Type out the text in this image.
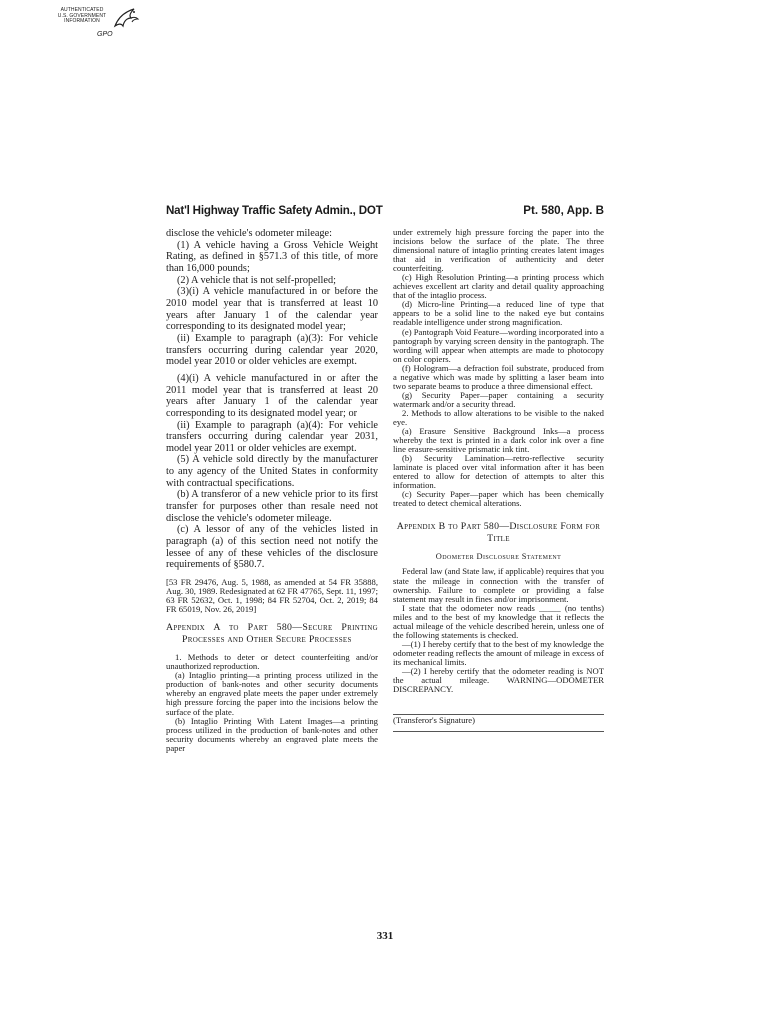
AUTHENTICATED
U.S. GOVERNMENT
INFORMATION
GPO
Nat'l Highway Traffic Safety Admin., DOT	Pt. 580, App. B

disclose the vehicle's odometer mileage:

(1) A vehicle having a Gross Vehicle Weight Rating, as defined in §571.3 of this title, of more than 16,000 pounds;

(2) A vehicle that is not self-propelled;

(3)(i) A vehicle manufactured in or before the 2010 model year that is transferred at least 10 years after January 1 of the calendar year corresponding to its designated model year;

(ii) Example to paragraph (a)(3): For vehicle transfers occurring during calendar year 2020, model year 2010 or older vehicles are exempt.

(4)(i) A vehicle manufactured in or after the 2011 model year that is transferred at least 20 years after January 1 of the calendar year corresponding to its designated model year; or

(ii) Example to paragraph (a)(4): For vehicle transfers occurring during calendar year 2031, model year 2011 or older vehicles are exempt.

(5) A vehicle sold directly by the manufacturer to any agency of the United States in conformity with contractual specifications.

(b) A transferor of a new vehicle prior to its first transfer for purposes other than resale need not disclose the vehicle's odometer mileage.

(c) A lessor of any of the vehicles listed in paragraph (a) of this section need not notify the lessee of any of these vehicles of the disclosure requirements of §580.7.

[53 FR 29476, Aug. 5, 1988, as amended at 54 FR 35888, Aug. 30, 1989. Redesignated at 62 FR 47765, Sept. 11, 1997; 63 FR 52632, Oct. 1, 1998; 84 FR 52704, Oct. 2, 2019; 84 FR 65019, Nov. 26, 2019]

Appendix A to Part 580—Secure Printing Processes and Other Secure Processes

1. Methods to deter or detect counterfeiting and/or unauthorized reproduction.

(a) Intaglio printing—a printing process utilized in the production of bank-notes and other security documents whereby an engraved plate meets the paper under extremely high pressure forcing the paper into the incisions below the surface of the plate.

(b) Intaglio Printing With Latent Images—a printing process utilized in the production of bank-notes and other security documents whereby an engraved plate meets the paper

under extremely high pressure forcing the paper into the incisions below the surface of the plate. The three dimensional nature of intaglio printing creates latent images that aid in verification of authenticity and deter counterfeiting.

(c) High Resolution Printing—a printing process which achieves excellent art clarity and detail quality approaching that of the intaglio process.

(d) Micro-line Printing—a reduced line of type that appears to be a solid line to the naked eye but contains readable intelligence under strong magnification.

(e) Pantograph Void Feature—wording incorporated into a pantograph by varying screen density in the pantograph. The wording will appear when attempts are made to photocopy on color copiers.

(f) Hologram—a defraction foil substrate, produced from a negative which was made by splitting a laser beam into two separate beams to produce a three dimensional effect.

(g) Security Paper—paper containing a security watermark and/or a security thread.

2. Methods to allow alterations to be visible to the naked eye.

(a) Erasure Sensitive Background Inks—a process whereby the text is printed in a dark color ink over a fine line erasure-sensitive prismatic ink tint.

(b) Security Lamination—retro-reflective security laminate is placed over vital information after it has been entered to allow for detection of attempts to alter this information.

(c) Security Paper—paper which has been chemically treated to detect chemical alterations.

Appendix B to Part 580—Disclosure Form for Title
Odometer Disclosure Statement

Federal law (and State law, if applicable) requires that you state the mileage in connection with the transfer of ownership. Failure to complete or providing a false statement may result in fines and/or imprisonment.

I state that the odometer now reads _____ (no tenths) miles and to the best of my knowledge that it reflects the actual mileage of the vehicle described herein, unless one of the following statements is checked.

—(1) I hereby certify that to the best of my knowledge the odometer reading reflects the amount of mileage in excess of its mechanical limits.

—(2) I hereby certify that the odometer reading is NOT the actual mileage. WARNING—ODOMETER DISCREPANCY.

(Transferor's Signature)

331
